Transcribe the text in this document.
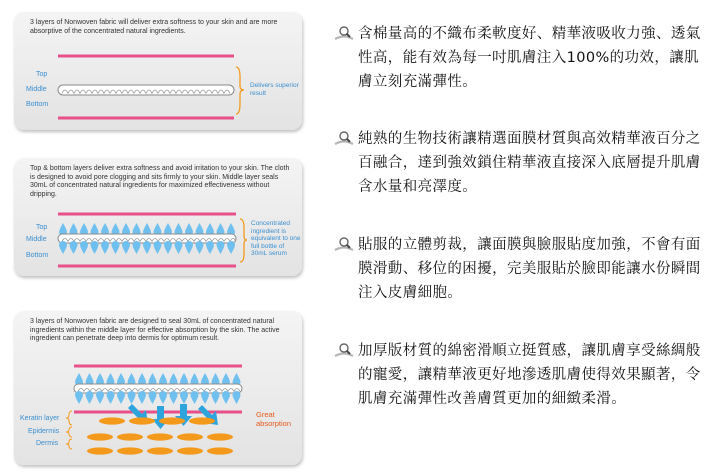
3 layers of Nonwoven fabric will deliver extra softness to your skin and are more absorptive of the concentrated natural ingredients.
Top
Middle
Bottom
Delivers superior result
Top & bottom layers deliver extra softness and avoid irritation to your skin. The cloth is designed to avoid pore clogging and sits firmly to your skin. Middle layer seals 30mL of concentrated natural ingredients for maximized effectiveness without dripping.
Top
Middle
Bottom
Concentrated ingredient is equivalent to one full bottle of 30mL serum
3 layers of Nonwoven fabric are designed to seal 30mL of concentrated natural ingredients within the middle layer for effective absorption by the skin. The active ingredient can penetrate deep into dermis for optimum result.
Keratin layer
Epidermis
Dermis
Great absorption
含棉量高的不織布柔軟度好、精華液吸收力強、透氣性高，能有效為每一吋肌膚注入100%的功效，讓肌膚立刻充滿彈性。
純熟的生物技術讓精選面膜材質與高效精華液百分之百融合，達到強效鎖住精華液直接深入底層提升肌膚含水量和亮澤度。
貼服的立體剪裁，讓面膜與臉服貼度加強，不會有面膜滑動、移位的困擾，完美服貼於臉即能讓水份瞬間注入皮膚細胞。
加厚版材質的綿密滑順立挺質感，讓肌膚享受絲綢般的寵愛，讓精華液更好地滲透肌膚使得效果顯著，令肌膚充滿彈性改善膚質更加的細緻柔滑。
